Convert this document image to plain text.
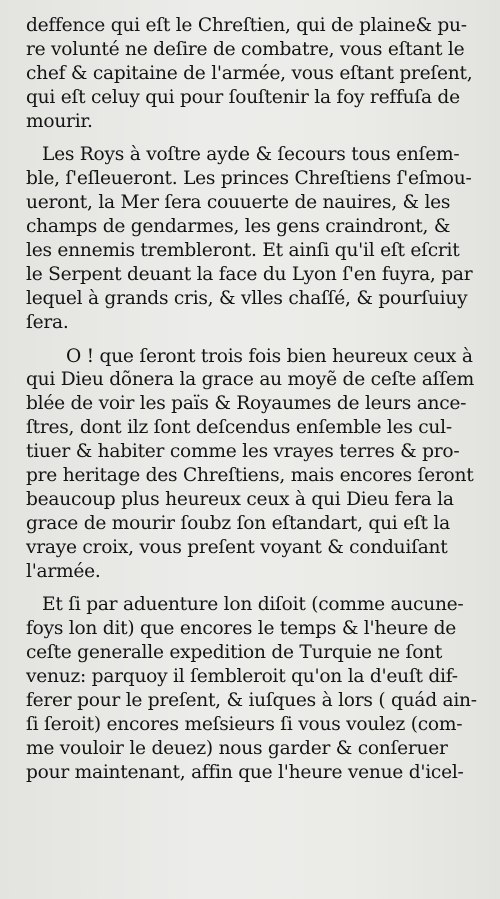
deffence qui eſt le Chreſtien, qui de plaine& pu-
re volunté ne deſire de combatre, vous eſtant le
chef & capitaine de l'armée, vous eſtant preſent,
qui eſt celuy qui pour ſouſtenir la foy reffuſa de
mourir.

Les Roys à voſtre ayde & ſecours tous enſem-
ble, ſ'eſleueront. Les princes Chreſtiens ſ'eſmou-
ueront, la Mer ſera couuerte de nauires, & les
champs de gendarmes, les gens craindront, &
les ennemis trembleront. Et ainſi qu'il eſt eſcrit
le Serpent deuant la face du Lyon ſ'en fuyra, par
lequel à grands cris, & vlles chaſſé, & pourſuiuy
ſera.

O ! que ſeront trois fois bien heureux ceux à
qui Dieu dõnera la grace au moyẽ de ceſte aſſem
blée de voir les païs & Royaumes de leurs ance-
ſtres, dont ilz ſont deſcendus enſemble les cul-
tiuer & habiter comme les vrayes terres & pro-
pre heritage des Chreſtiens, mais encores ſeront
beaucoup plus heureux ceux à qui Dieu fera la
grace de mourir ſoubz ſon eſtandart, qui eſt la
vraye croix, vous preſent voyant & conduiſant
l'armée.

Et ſi par aduenture lon diſoit (comme aucune-
foys lon dit) que encores le temps & l'heure de
ceſte generalle expedition de Turquie ne ſont
venuz: parquoy il ſembleroit qu'on la d'euſt dif-
ferer pour le preſent, & iuſques à lors ( quád ain-
ſi ſeroit) encores meſsieurs ſi vous voulez (com-
me vouloir le deuez) nous garder & conſeruer
pour maintenant, affin que l'heure venue d'icel-
